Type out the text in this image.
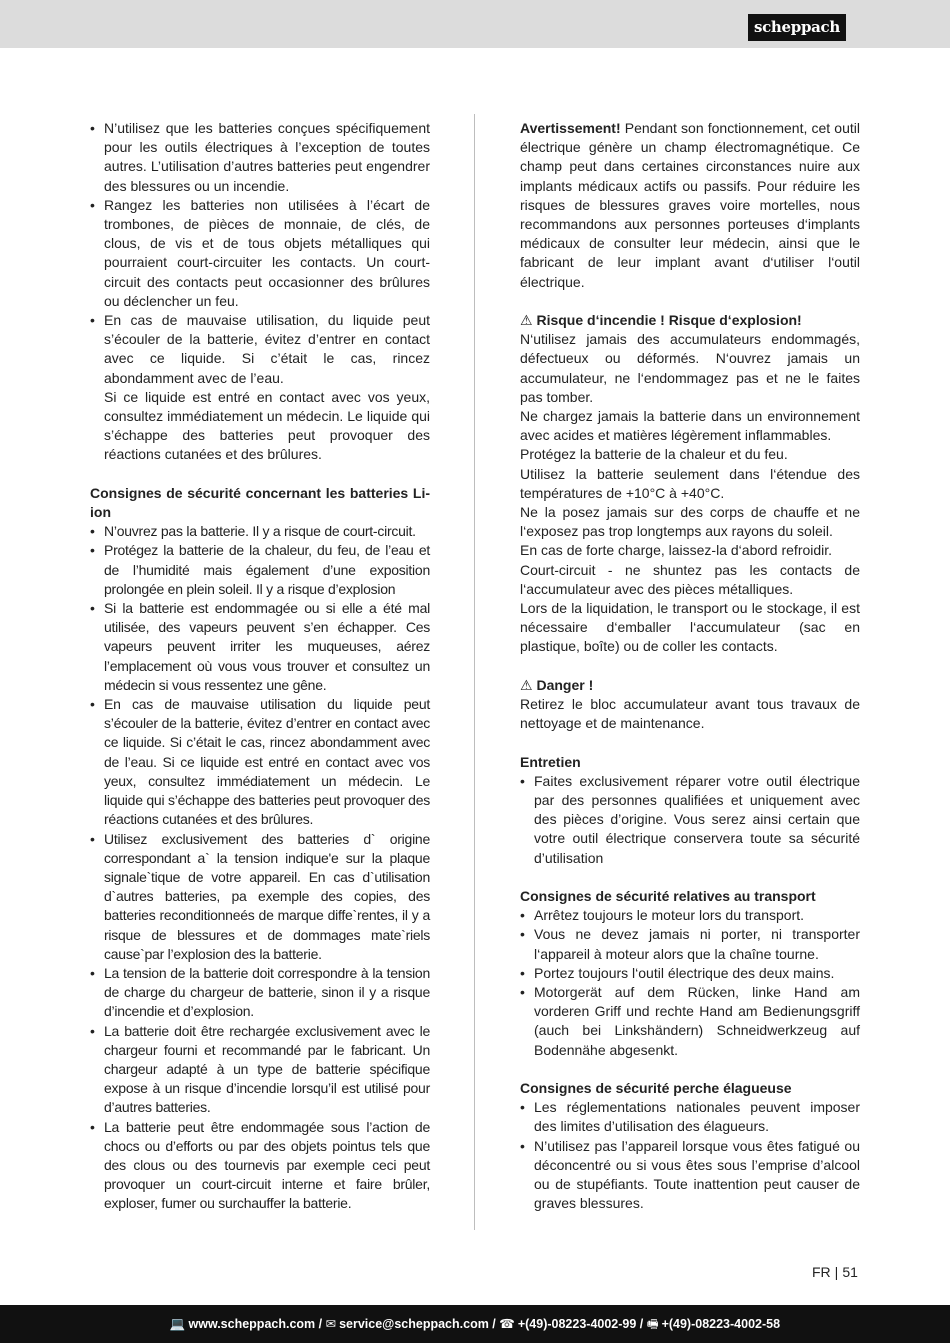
scheppach
• N’utilisez que les batteries conçues spécifiquement pour les outils électriques à l’exception de toutes autres. L’utilisation d’autres batteries peut engendrer des blessures ou un incendie.
• Rangez les batteries non utilisées à l’écart de trombones, de pièces de monnaie, de clés, de clous, de vis et de tous objets métalliques qui pourraient court-circuiter les contacts. Un court-circuit des contacts peut occasionner des brûlures ou déclencher un feu.
• En cas de mauvaise utilisation, du liquide peut s’écouler de la batterie, évitez d’entrer en contact avec ce liquide. Si c’était le cas, rincez abondamment avec de l’eau.

Si ce liquide est entré en contact avec vos yeux, consultez immédiatement un médecin. Le liquide qui s’échappe des batteries peut provoquer des réactions cutanées et des brûlures.

Consignes de sécurité concernant les batteries Li-ion

• N’ouvrez pas la batterie. Il y a risque de court-circuit.
• Protégez la batterie de la chaleur, du feu, de l’eau et de l’humidité mais également d’une exposition prolongée en plein soleil. Il y a risque d’explosion
• Si la batterie est endommagée ou si elle a été mal utilisée, des vapeurs peuvent s’en échapper. Ces vapeurs peuvent irriter les muqueuses, aérez l’emplacement où vous vous trouver et consultez un médecin si vous ressentez une gêne.
• En cas de mauvaise utilisation du liquide peut s’écouler de la batterie, évitez d’entrer en contact avec ce liquide. Si c’était le cas, rincez abondamment avec de l’eau. Si ce liquide est entré en contact avec vos yeux, consultez immédiatement un médecin. Le liquide qui s’échappe des batteries peut provoquer des réactions cutanées et des brûlures.
• Utilisez exclusivement des batteries d` origine correspondant a` la tension indique'e sur la plaque signale`tique de votre appareil. En cas d`utilisation d`autres batteries, pa exemple des copies, des batteries reconditionneés de marque diffe`rentes, il y a risque de blessures et de dommages mate`riels cause`par l’explosion des la batterie.
• La tension de la batterie doit correspondre à la tension de charge du chargeur de batterie, sinon il y a risque d’incendie et d’explosion.
• La batterie doit être rechargée exclusivement avec le chargeur fourni et recommandé par le fabricant. Un chargeur adapté à un type de batterie spécifique expose à un risque d’incendie lorsqu’il est utilisé pour d’autres batteries.
• La batterie peut être endommagée sous l’action de chocs ou d’efforts ou par des objets pointus tels que des clous ou des tournevis par exemple ceci peut provoquer un court-circuit interne et faire brûler, exploser, fumer ou surchauffer la batterie.

Avertissement! Pendant son fonctionnement, cet outil électrique génère un champ électromagnétique. Ce champ peut dans certaines circonstances nuire aux implants médicaux actifs ou passifs. Pour réduire les risques de blessures graves voire mortelles, nous recommandons aux personnes porteuses d‘implants médicaux de consulter leur médecin, ainsi que le fabricant de leur implant avant d‘utiliser l‘outil électrique.

⚠ Risque d‘incendie ! Risque d‘explosion!

N‘utilisez jamais des accumulateurs endommagés, défectueux ou déformés. N‘ouvrez jamais un accumulateur, ne l‘endommagez pas et ne le faites pas tomber.

Ne chargez jamais la batterie dans un environnement avec acides et matières légèrement inflammables.

Protégez la batterie de la chaleur et du feu.

Utilisez la batterie seulement dans l‘étendue des températures de +10°C à +40°C.

Ne la posez jamais sur des corps de chauffe et ne l‘exposez pas trop longtemps aux rayons du soleil.

En cas de forte charge, laissez-la d‘abord refroidir.

Court-circuit - ne shuntez pas les contacts de l‘accumulateur avec des pièces métalliques.

Lors de la liquidation, le transport ou le stockage, il est nécessaire d‘emballer l‘accumulateur (sac en plastique, boîte) ou de coller les contacts.

⚠ Danger !

Retirez le bloc accumulateur avant tous travaux de nettoyage et de maintenance.

Entretien

• Faites exclusivement réparer votre outil électrique par des personnes qualifiées et uniquement avec des pièces d’origine. Vous serez ainsi certain que votre outil électrique conservera toute sa sécurité d’utilisation

Consignes de sécurité relatives au transport

• Arrêtez toujours le moteur lors du transport.
• Vous ne devez jamais ni porter, ni transporter l‘appareil à moteur alors que la chaîne tourne.
• Portez toujours l‘outil électrique des deux mains.
• Motorgerät auf dem Rücken, linke Hand am vorderen Griff und rechte Hand am Bedienungsgriff (auch bei Linkshändern) Schneidwerkzeug auf Bodennähe abgesenkt.

Consignes de sécurité perche élagueuse

• Les réglementations nationales peuvent imposer des limites d’utilisation des élagueurs.
• N’utilisez pas l’appareil lorsque vous êtes fatigué ou déconcentré ou si vous êtes sous l’emprise d’alcool ou de stupéfiants. Toute inattention peut causer de graves blessures.
FR | 51
💻 www.scheppach.com / ✉ service@scheppach.com / ☎ +(49)-08223-4002-99 / 🖷 +(49)-08223-4002-58
